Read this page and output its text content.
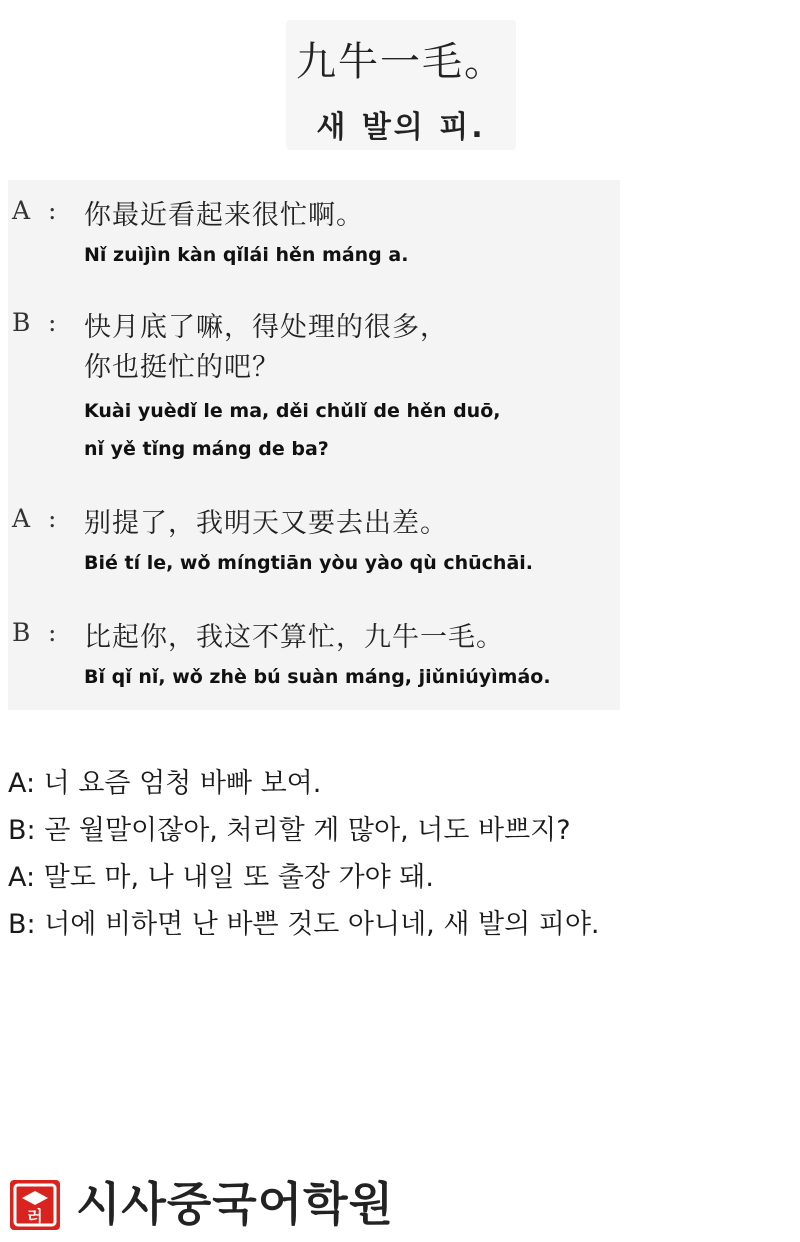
九牛一毛。
새 발의 피.
A : 你最近看起来很忙啊。
Nǐ zuìjìn kàn qǐlái hěn máng a.
B : 快月底了嘛，得处理的很多，
你也挺忙的吧？
Kuài yuèdǐ le ma, děi chǔlǐ de hěn duō,
nǐ yě tǐng máng de ba?
A : 别提了，我明天又要去出差。
Bié tí le, wǒ míngtiān yòu yào qù chūchāi.
B : 比起你，我这不算忙，九牛一毛。
Bǐ qǐ nǐ, wǒ zhè bú suàn máng, jiǔniúyìmáo.
A: 너 요즘 엄청 바빠 보여.
B: 곧 월말이잖아, 처리할 게 많아, 너도 바쁘지?
A: 말도 마, 나 내일 또 출장 가야 돼.
B: 너에 비하면 난 바쁜 것도 아니네, 새 발의 피야.
러 시사중국어학원
